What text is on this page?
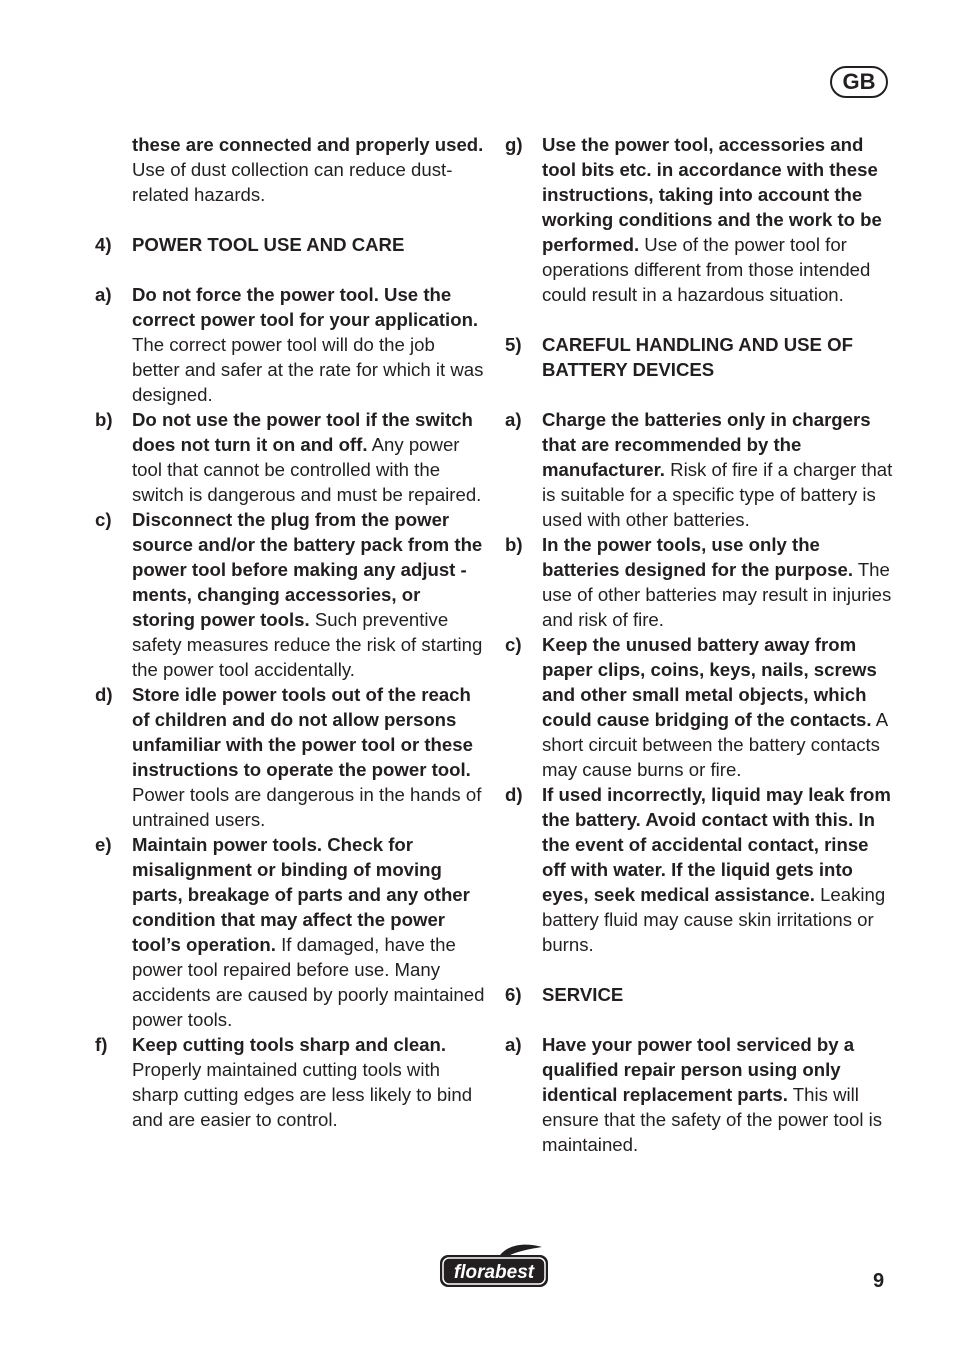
GB
these are connected and properly used. Use of dust collection can reduce dust-related hazards.
4)	POWER TOOL USE AND CARE
a)	Do not force the power tool. Use the correct power tool for your application. The correct power tool will do the job better and safer at the rate for which it was designed.
b)	Do not use the power tool if the switch does not turn it on and off. Any power tool that cannot be controlled with the switch is dangerous and must be repaired.
c)	Disconnect the plug from the power source and/or the battery pack from the power tool before making any adjust -ments, changing accessories, or storing power tools. Such preventive safety measures reduce the risk of starting the power tool accidentally.
d)	Store idle power tools out of the reach of children and do not allow persons unfamiliar with the power tool or these instructions to operate the power tool. Power tools are dangerous in the hands of untrained users.
e)	Maintain power tools. Check for misalignment or binding of moving parts, breakage of parts and any other condition that may affect the power tool’s operation. If damaged, have the power tool repaired before use. Many accidents are caused by poorly maintained power tools.
f)	Keep cutting tools sharp and clean. Properly maintained cutting tools with sharp cutting edges are less likely to bind and are easier to control.
g)	Use the power tool, accessories and tool bits etc. in accordance with these instructions, taking into account the working conditions and the work to be performed. Use of the power tool for operations different from those intended could result in a hazardous situation.
5)	CAREFUL HANDLING AND USE OF BATTERY DEVICES
a)	Charge the batteries only in chargers that are recommended by the manufacturer. Risk of fire if a charger that is suitable for a specific type of battery is used with other batteries.
b)	In the power tools, use only the batteries designed for the purpose. The use of other batteries may result in injuries and risk of fire.
c)	Keep the unused battery away from paper clips, coins, keys, nails, screws and other small metal objects, which could cause bridging of the contacts. A short circuit between the battery contacts may cause burns or fire.
d)	If used incorrectly, liquid may leak from the battery. Avoid contact with this. In the event of accidental contact, rinse off with water. If the liquid gets into eyes, seek medical assistance. Leaking battery fluid may cause skin irritations or burns.
6)	SERVICE
a)	Have your power tool serviced by a qualified repair person using only identical replacement parts. This will ensure that the safety of the power tool is maintained.
florabest	9
